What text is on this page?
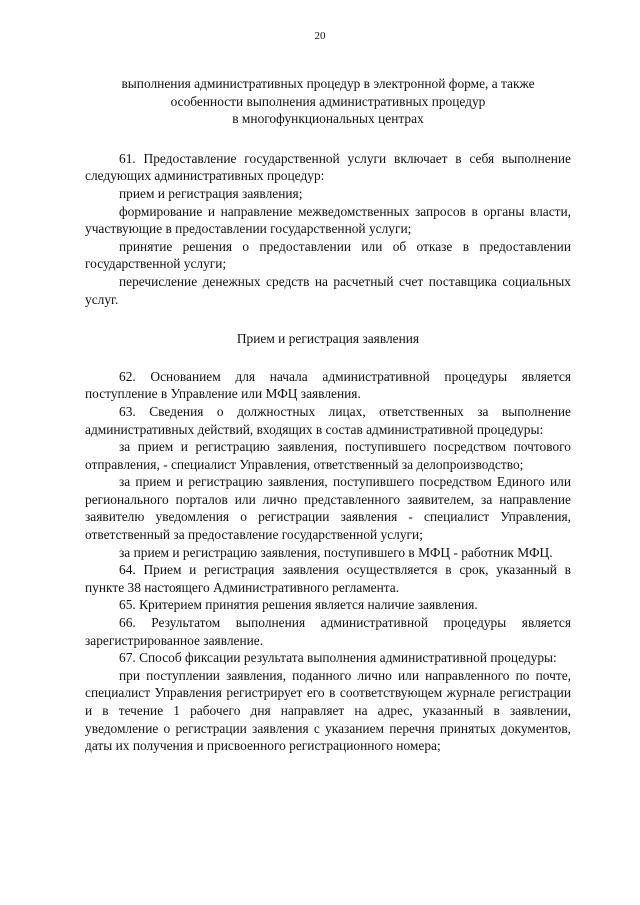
20

выполнения административных процедур в электронной форме, а также

особенности выполнения административных процедур

в многофункциональных центрах

61. Предоставление государственной услуги включает в себя выполнение следующих административных процедур:

прием и регистрация заявления;

формирование и направление межведомственных запросов в органы власти, участвующие в предоставлении государственной услуги;

принятие решения о предоставлении или об отказе в предоставлении государственной услуги;

перечисление денежных средств на расчетный счет поставщика социальных услуг.

Прием и регистрация заявления

62. Основанием для начала административной процедуры является поступление в Управление или МФЦ заявления.

63. Сведения о должностных лицах, ответственных за выполнение административных действий, входящих в состав административной процедуры:

за прием и регистрацию заявления, поступившего посредством почтового отправления, - специалист Управления, ответственный за делопроизводство;

за прием и регистрацию заявления, поступившего посредством Единого или регионального порталов или лично представленного заявителем, за направление заявителю уведомления о регистрации заявления - специалист Управления, ответственный за предоставление государственной услуги;

за прием и регистрацию заявления, поступившего в МФЦ - работник МФЦ.

64. Прием и регистрация заявления осуществляется в срок, указанный в пункте 38 настоящего Административного регламента.

65. Критерием принятия решения является наличие заявления.

66. Результатом выполнения административной процедуры является зарегистрированное заявление.

67. Способ фиксации результата выполнения административной процедуры:

при поступлении заявления, поданного лично или направленного по почте, специалист Управления регистрирует его в соответствующем журнале регистрации и в течение 1 рабочего дня направляет на адрес, указанный в заявлении, уведомление о регистрации заявления с указанием перечня принятых документов, даты их получения и присвоенного регистрационного номера;
